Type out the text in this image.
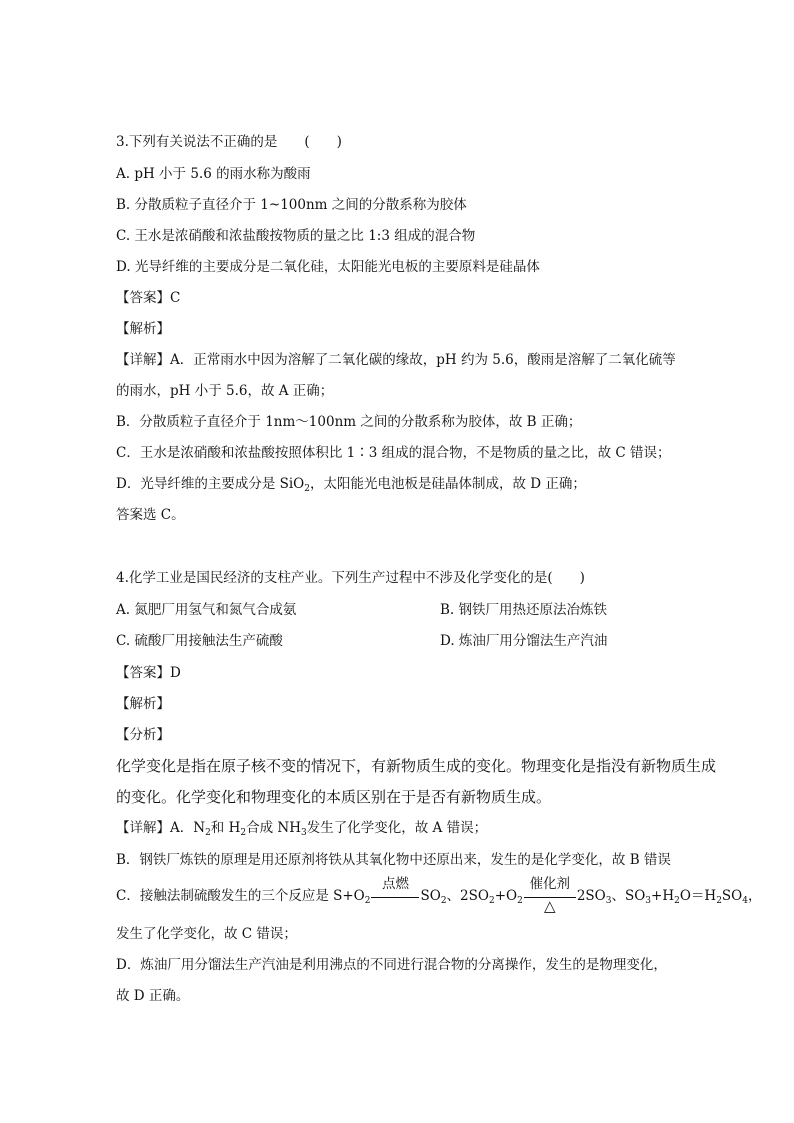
3.下列有关说法不正确的是　　(　　)
A. pH 小于 5.6 的雨水称为酸雨
B. 分散质粒子直径介于 1~100nm 之间的分散系称为胶体
C. 王水是浓硝酸和浓盐酸按物质的量之比 1:3 组成的混合物
D. 光导纤维的主要成分是二氧化硅，太阳能光电板的主要原料是硅晶体
【答案】C
【解析】
【详解】A．正常雨水中因为溶解了二氧化碳的缘故，pH 约为 5.6，酸雨是溶解了二氧化硫等
的雨水，pH 小于 5.6，故 A 正确；
B．分散质粒子直径介于 1nm～100nm 之间的分散系称为胶体，故 B 正确；
C．王水是浓硝酸和浓盐酸按照体积比 1∶3 组成的混合物，不是物质的量之比，故 C 错误；
D．光导纤维的主要成分是 SiO$_2$，太阳能光电池板是硅晶体制成，故 D 正确；
答案选 C。
4.化学工业是国民经济的支柱产业。下列生产过程中不涉及化学变化的是(　　)
A. 氮肥厂用氢气和氮气合成氨	B. 钢铁厂用热还原法冶炼铁
C. 硫酸厂用接触法生产硫酸	D. 炼油厂用分馏法生产汽油
【答案】D
【解析】
【分析】
化学变化是指在原子核不变的情况下，有新物质生成的变化。物理变化是指没有新物质生成
的变化。化学变化和物理变化的本质区别在于是否有新物质生成。
【详解】A．$N_2$和 $H_2$合成 $NH_3$发生了化学变化，故 A 错误；
B．钢铁厂炼铁的原理是用还原剂将铁从其氧化物中还原出来，发生的是化学变化，故 B 错误
C．接触法制硫酸发生的三个反应是 $S+O_2$
点燃
$SO_2$、$2SO_2+O_2$
催化剂
△
$2SO_3$、$SO_3+H_2O=H_2SO_4$，
发生了化学变化，故 C 错误；
D．炼油厂用分馏法生产汽油是利用沸点的不同进行混合物的分离操作，发生的是物理变化，
故 D 正确。
